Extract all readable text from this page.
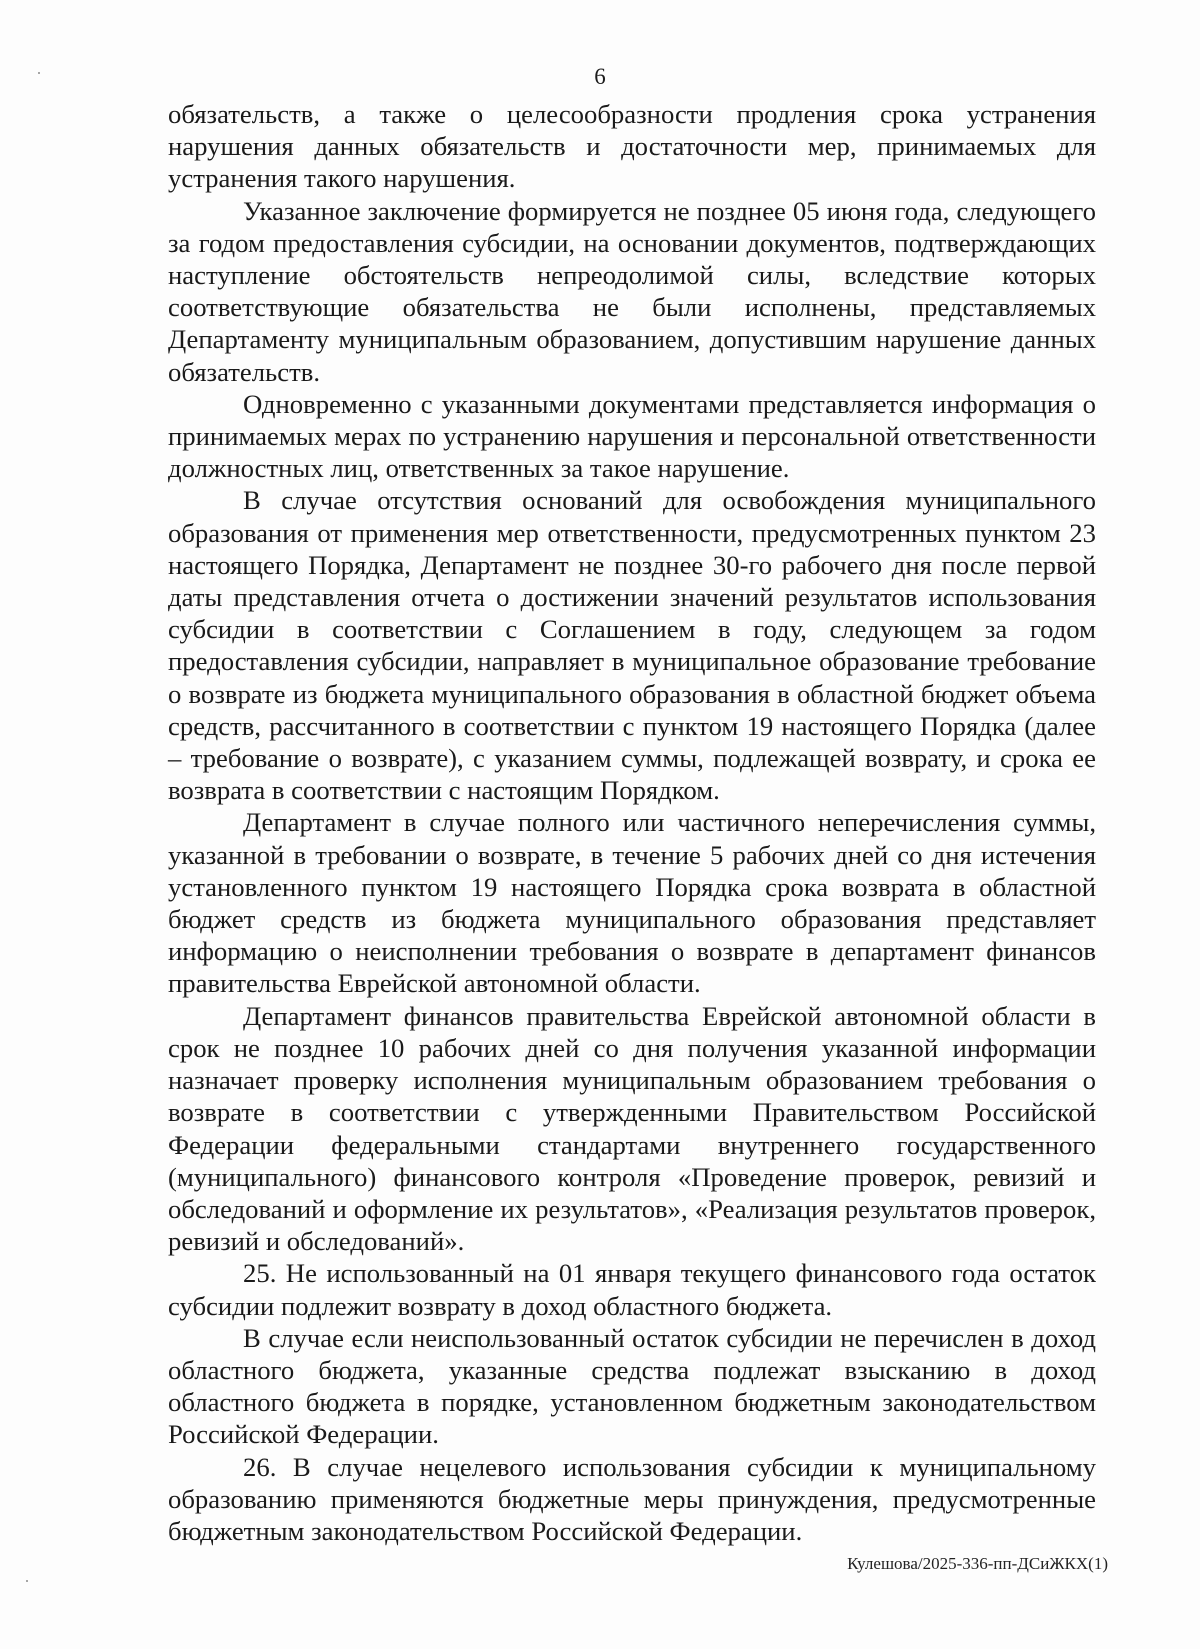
6

обязательств, а также о целесообразности продления срока устранения нарушения данных обязательств и достаточности мер, принимаемых для устранения такого нарушения.

Указанное заключение формируется не позднее 05 июня года, следующего за годом предоставления субсидии, на основании документов, подтверждающих наступление обстоятельств непреодолимой силы, вследствие которых соответствующие обязательства не были исполнены, представляемых Департаменту муниципальным образованием, допустившим нарушение данных обязательств.

Одновременно с указанными документами представляется информация о принимаемых мерах по устранению нарушения и персональной ответственности должностных лиц, ответственных за такое нарушение.

В случае отсутствия оснований для освобождения муниципального образования от применения мер ответственности, предусмотренных пунктом 23 настоящего Порядка, Департамент не позднее 30-го рабочего дня после первой даты представления отчета о достижении значений результатов использования субсидии в соответствии с Соглашением в году, следующем за годом предоставления субсидии, направляет в муниципальное образование требование о возврате из бюджета муниципального образования в областной бюджет объема средств, рассчитанного в соответствии с пунктом 19 настоящего Порядка (далее – требование о возврате), с указанием суммы, подлежащей возврату, и срока ее возврата в соответствии с настоящим Порядком.

Департамент в случае полного или частичного неперечисления суммы, указанной в требовании о возврате, в течение 5 рабочих дней со дня истечения установленного пунктом 19 настоящего Порядка срока возврата в областной бюджет средств из бюджета муниципального образования представляет информацию о неисполнении требования о возврате в департамент финансов правительства Еврейской автономной области.

Департамент финансов правительства Еврейской автономной области в срок не позднее 10 рабочих дней со дня получения указанной информации назначает проверку исполнения муниципальным образованием требования о возврате в соответствии с утвержденными Правительством Российской Федерации федеральными стандартами внутреннего государственного (муниципального) финансового контроля «Проведение проверок, ревизий и обследований и оформление их результатов», «Реализация результатов проверок, ревизий и обследований».

25. Не использованный на 01 января текущего финансового года остаток субсидии подлежит возврату в доход областного бюджета.

В случае если неиспользованный остаток субсидии не перечислен в доход областного бюджета, указанные средства подлежат взысканию в доход областного бюджета в порядке, установленном бюджетным законодательством Российской Федерации.

26. В случае нецелевого использования субсидии к муниципальному образованию применяются бюджетные меры принуждения, предусмотренные бюджетным законодательством Российской Федерации.

Кулешова/2025-336-пп-ДСиЖКХ(1)
